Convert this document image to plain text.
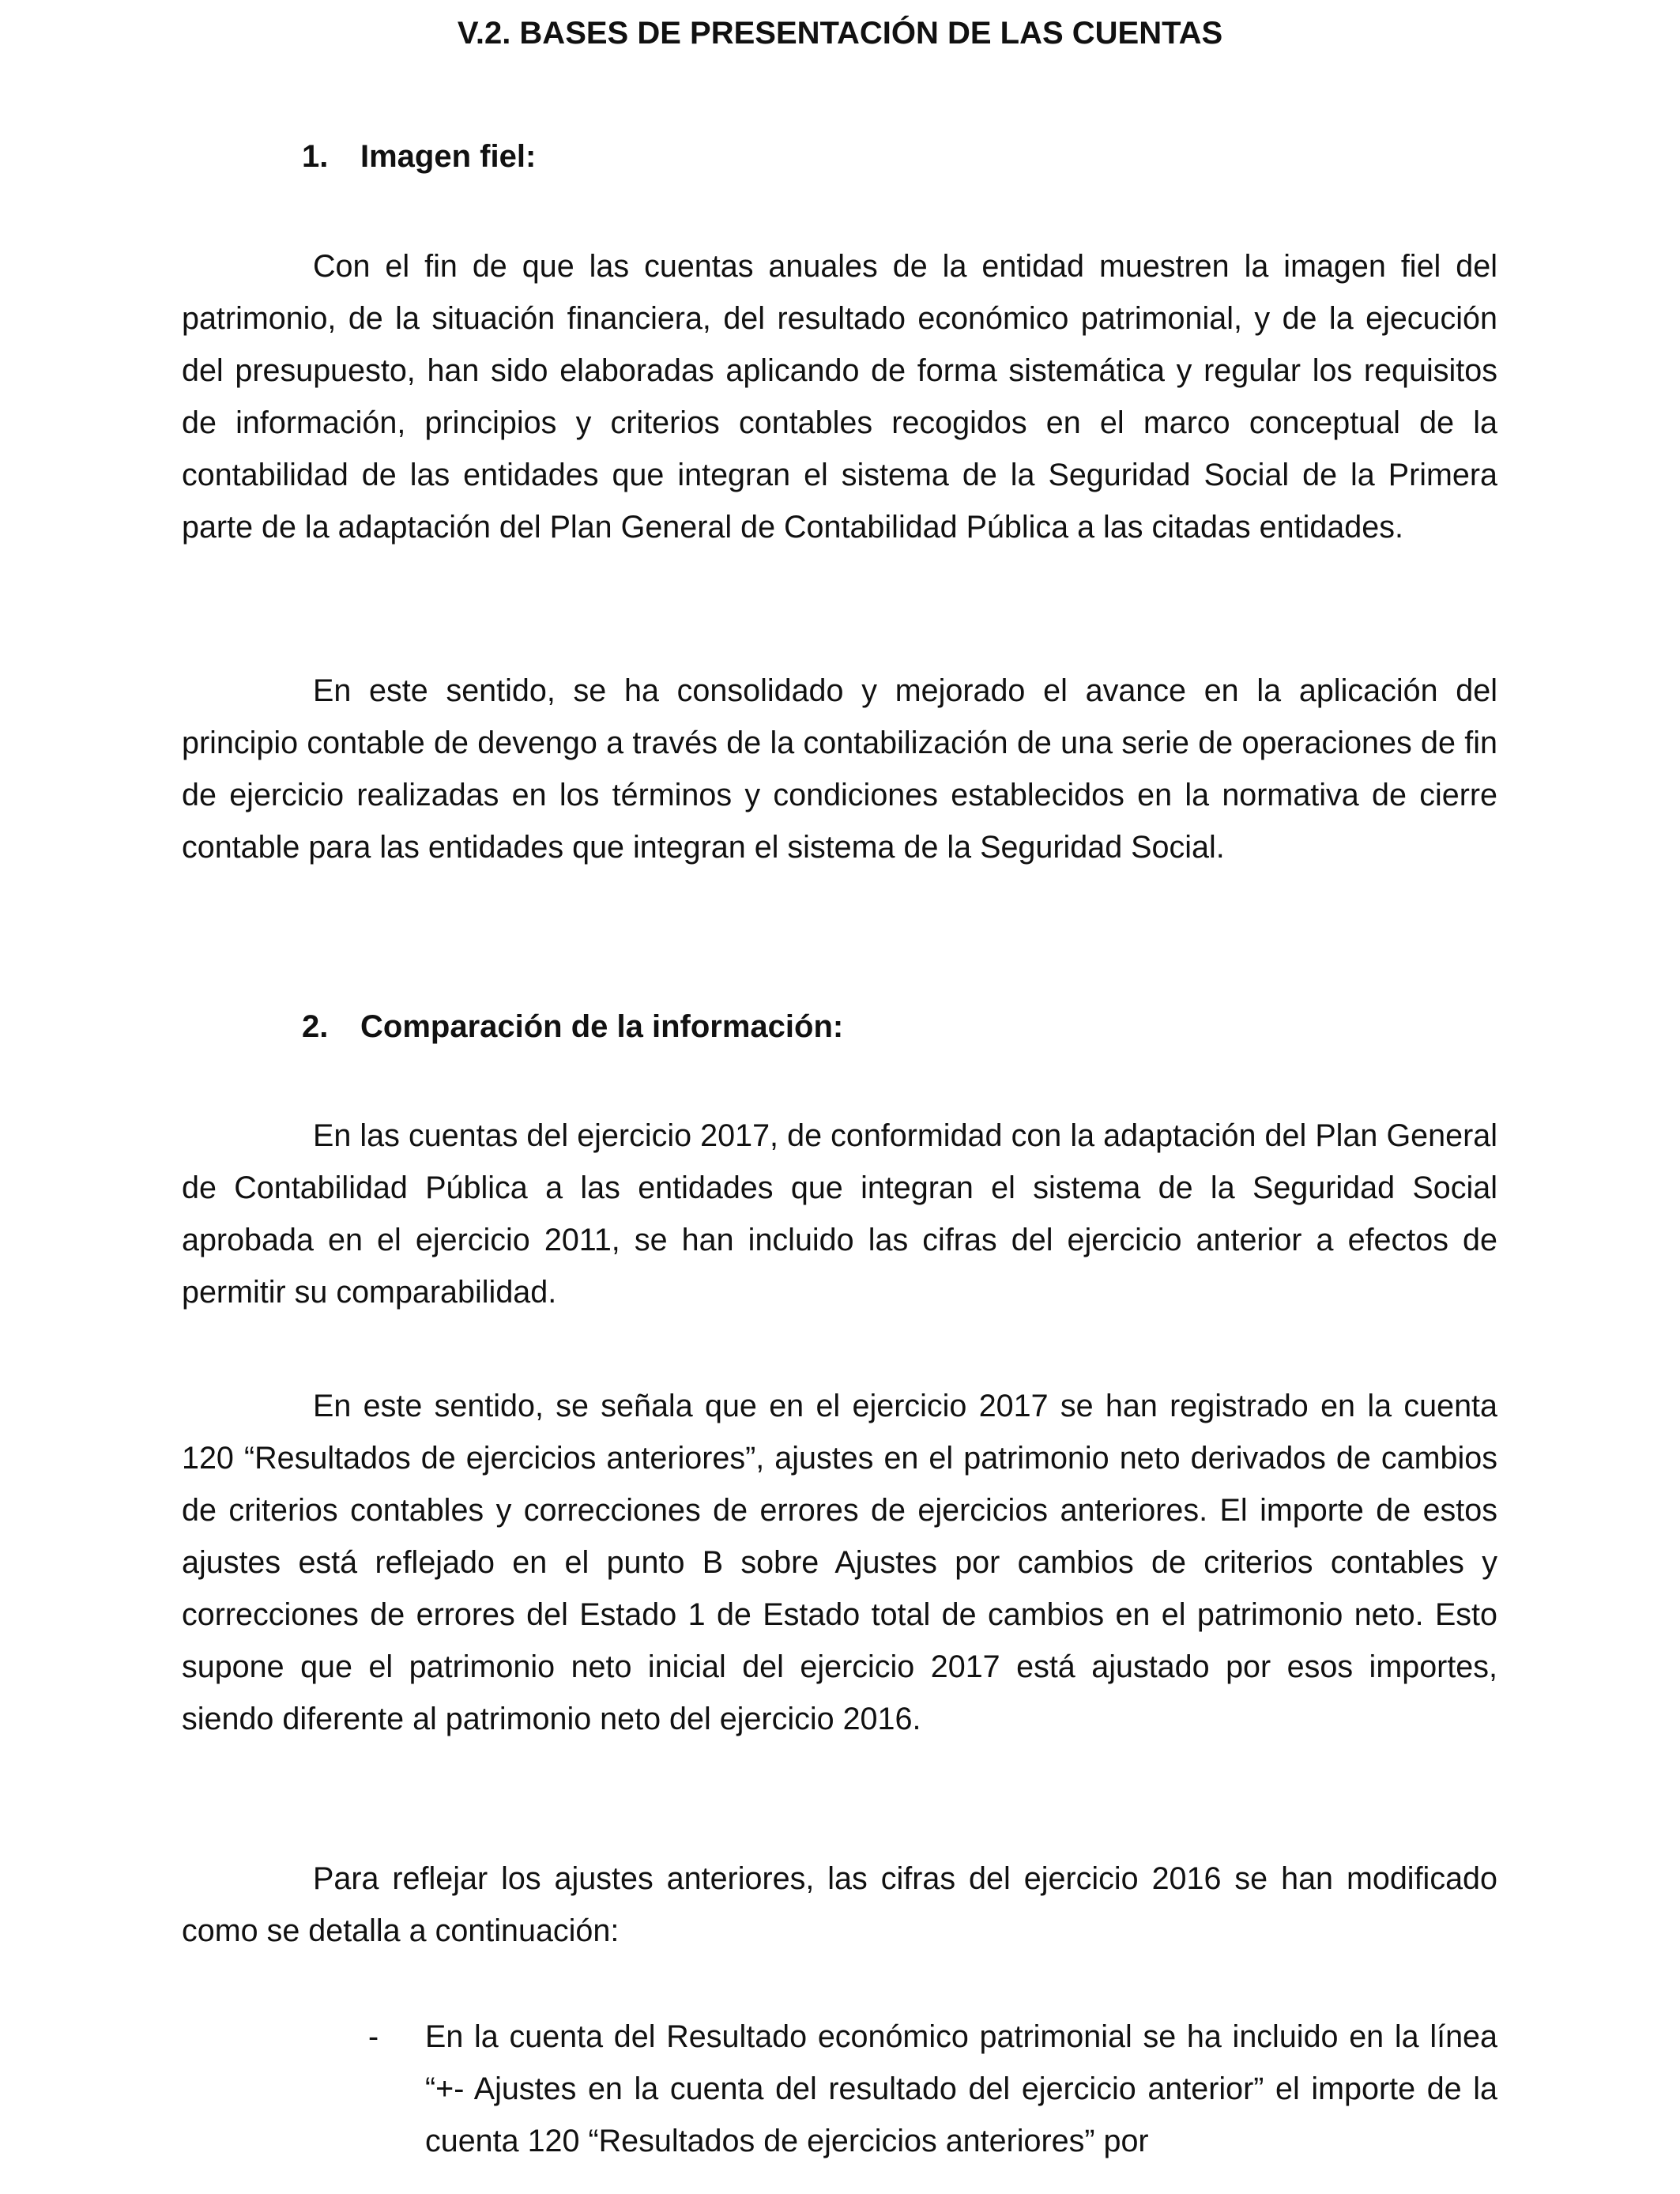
V.2. BASES DE PRESENTACIÓN DE LAS CUENTAS
1. Imagen fiel:

Con el fin de que las cuentas anuales de la entidad muestren la imagen fiel del patrimonio, de la situación financiera, del resultado económico patrimonial, y de la ejecución del presupuesto, han sido elaboradas aplicando de forma sistemática y regular los requisitos de información, principios y criterios contables recogidos en el marco conceptual de la contabilidad de las entidades que integran el sistema de la Seguridad Social de la Primera parte de la adaptación del Plan General de Contabilidad Pública a las citadas entidades.

En este sentido, se ha consolidado y mejorado el avance en la aplicación del principio contable de devengo a través de la contabilización de una serie de operaciones de fin de ejercicio realizadas en los términos y condiciones establecidos en la normativa de cierre contable para las entidades que integran el sistema de la Seguridad Social.

2. Comparación de la información:

En las cuentas del ejercicio 2017, de conformidad con la adaptación del Plan General de Contabilidad Pública a las entidades que integran el sistema de la Seguridad Social aprobada en el ejercicio 2011, se han incluido las cifras del ejercicio anterior a efectos de permitir su comparabilidad.

En este sentido, se señala que en el ejercicio 2017 se han registrado en la cuenta 120 “Resultados de ejercicios anteriores”, ajustes en el patrimonio neto derivados de cambios de criterios contables y correcciones de errores de ejercicios anteriores. El importe de estos ajustes está reflejado en el punto B sobre Ajustes por cambios de criterios contables y correcciones de errores del Estado 1 de Estado total de cambios en el patrimonio neto. Esto supone que el patrimonio neto inicial del ejercicio 2017 está ajustado por esos importes, siendo diferente al patrimonio neto del ejercicio 2016.

Para reflejar los ajustes anteriores, las cifras del ejercicio 2016 se han modificado como se detalla a continuación:

- En la cuenta del Resultado económico patrimonial se ha incluido en la línea “+- Ajustes en la cuenta del resultado del ejercicio anterior” el importe de la cuenta 120 “Resultados de ejercicios anteriores” por
